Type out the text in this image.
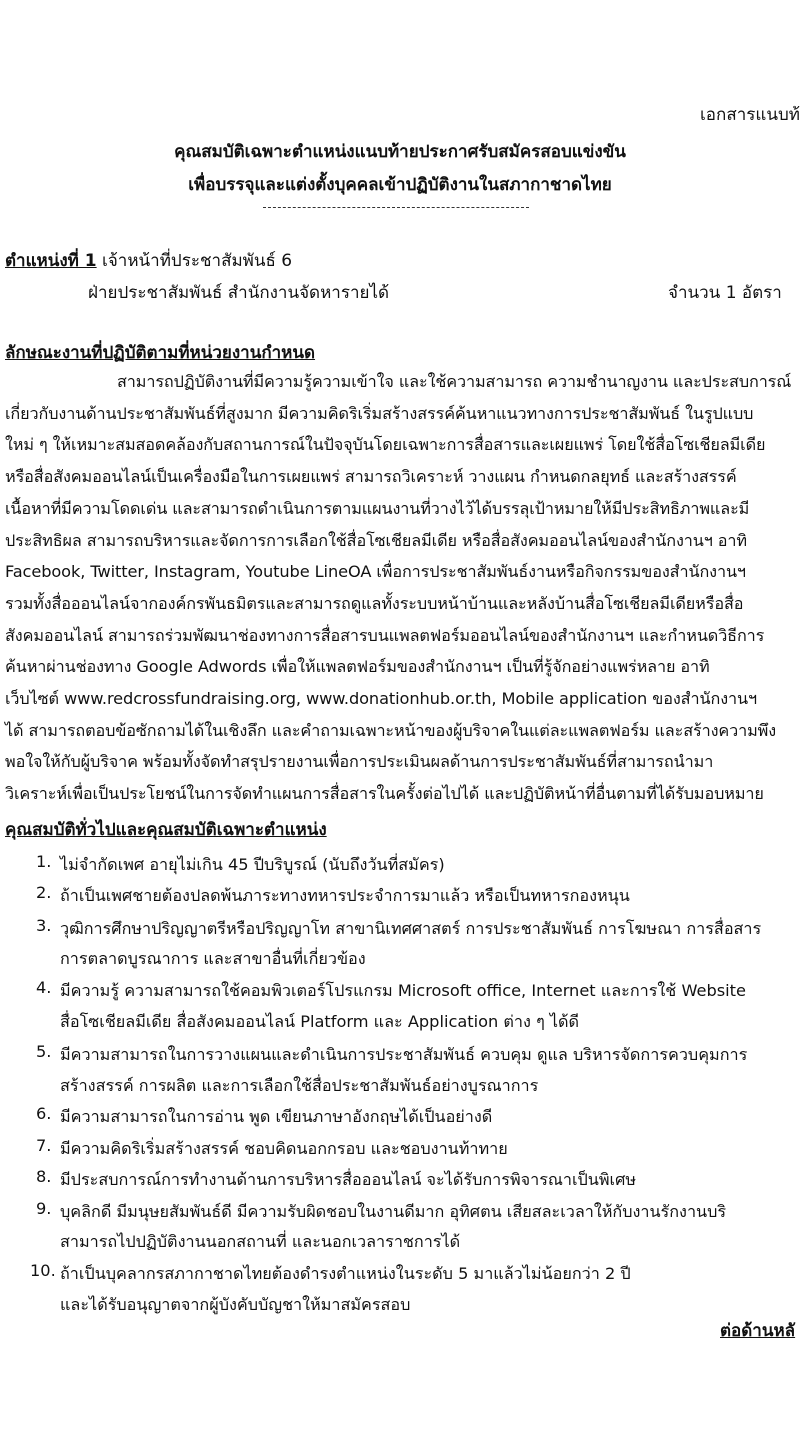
เอกสารแนบท้
คุณสมบัติเฉพาะตำแหน่งแนบท้ายประกาศรับสมัครสอบแข่งขัน
เพื่อบรรจุและแต่งตั้งบุคคลเข้าปฏิบัติงานในสภากาชาดไทย
ตำแหน่งที่ 1 เจ้าหน้าที่ประชาสัมพันธ์ 6
ฝ่ายประชาสัมพันธ์ สำนักงานจัดหารายได้	จำนวน 1 อัตรา
ลักษณะงานที่ปฏิบัติตามที่หน่วยงานกำหนด
สามารถปฏิบัติงานที่มีความรู้ความเข้าใจ และใช้ความสามารถ ความชำนาญงาน และประสบการณ์
เกี่ยวกับงานด้านประชาสัมพันธ์ที่สูงมาก มีความคิดริเริ่มสร้างสรรค์ค้นหาแนวทางการประชาสัมพันธ์ ในรูปแบบ
ใหม่ ๆ ให้เหมาะสมสอดคล้องกับสถานการณ์ในปัจจุบันโดยเฉพาะการสื่อสารและเผยแพร่ โดยใช้สื่อโซเชียลมีเดีย
หรือสื่อสังคมออนไลน์เป็นเครื่องมือในการเผยแพร่ สามารถวิเคราะห์ วางแผน กำหนดกลยุทธ์ และสร้างสรรค์
เนื้อหาที่มีความโดดเด่น และสามารถดำเนินการตามแผนงานที่วางไว้ได้บรรลุเป้าหมายให้มีประสิทธิภาพและมี
ประสิทธิผล สามารถบริหารและจัดการการเลือกใช้สื่อโซเชียลมีเดีย หรือสื่อสังคมออนไลน์ของสำนักงานฯ อาทิ
Facebook, Twitter, Instagram, Youtube LineOA เพื่อการประชาสัมพันธ์งานหรือกิจกรรมของสำนักงานฯ
รวมทั้งสื่อออนไลน์จากองค์กรพันธมิตรและสามารถดูแลทั้งระบบหน้าบ้านและหลังบ้านสื่อโซเชียลมีเดียหรือสื่อ
สังคมออนไลน์ สามารถร่วมพัฒนาช่องทางการสื่อสารบนแพลตฟอร์มออนไลน์ของสำนักงานฯ และกำหนดวิธีการ
ค้นหาผ่านช่องทาง Google Adwords เพื่อให้แพลตฟอร์มของสำนักงานฯ เป็นที่รู้จักอย่างแพร่หลาย อาทิ
เว็บไซต์ www.redcrossfundraising.org, www.donationhub.or.th, Mobile application ของสำนักงานฯ
ได้ สามารถตอบข้อซักถามได้ในเชิงลึก และคำถามเฉพาะหน้าของผู้บริจาคในแต่ละแพลตฟอร์ม และสร้างความพึง
พอใจให้กับผู้บริจาค พร้อมทั้งจัดทำสรุปรายงานเพื่อการประเมินผลด้านการประชาสัมพันธ์ที่สามารถนำมา
วิเคราะห์เพื่อเป็นประโยชน์ในการจัดทำแผนการสื่อสารในครั้งต่อไปได้ และปฏิบัติหน้าที่อื่นตามที่ได้รับมอบหมาย
คุณสมบัติทั่วไปและคุณสมบัติเฉพาะตำแหน่ง
1. ไม่จำกัดเพศ อายุไม่เกิน 45 ปีบริบูรณ์ (นับถึงวันที่สมัคร)
2. ถ้าเป็นเพศชายต้องปลดพ้นภาระทางทหารประจำการมาแล้ว หรือเป็นทหารกองหนุน
3. วุฒิการศึกษาปริญญาตรีหรือปริญญาโท สาขานิเทศศาสตร์ การประชาสัมพันธ์ การโฆษณา การสื่อสาร
การตลาดบูรณาการ และสาขาอื่นที่เกี่ยวข้อง
4. มีความรู้ ความสามารถใช้คอมพิวเตอร์โปรแกรม Microsoft office, Internet และการใช้ Website
สื่อโซเชียลมีเดีย สื่อสังคมออนไลน์ Platform และ Application ต่าง ๆ ได้ดี
5. มีความสามารถในการวางแผนและดำเนินการประชาสัมพันธ์ ควบคุม ดูแล บริหารจัดการควบคุมการ
สร้างสรรค์ การผลิต และการเลือกใช้สื่อประชาสัมพันธ์อย่างบูรณาการ
6. มีความสามารถในการอ่าน พูด เขียนภาษาอังกฤษได้เป็นอย่างดี
7. มีความคิดริเริ่มสร้างสรรค์ ชอบคิดนอกกรอบ และชอบงานท้าทาย
8. มีประสบการณ์การทำงานด้านการบริหารสื่อออนไลน์ จะได้รับการพิจารณาเป็นพิเศษ
9. บุคลิกดี มีมนุษยสัมพันธ์ดี มีความรับผิดชอบในงานดีมาก อุทิศตน เสียสละเวลาให้กับงานรักงานบริ
สามารถไปปฏิบัติงานนอกสถานที่ และนอกเวลาราชการได้
10. ถ้าเป็นบุคลากรสภากาชาดไทยต้องดำรงตำแหน่งในระดับ 5 มาแล้วไม่น้อยกว่า 2 ปี
และได้รับอนุญาตจากผู้บังคับบัญชาให้มาสมัครสอบ
ต่อด้านหลั
